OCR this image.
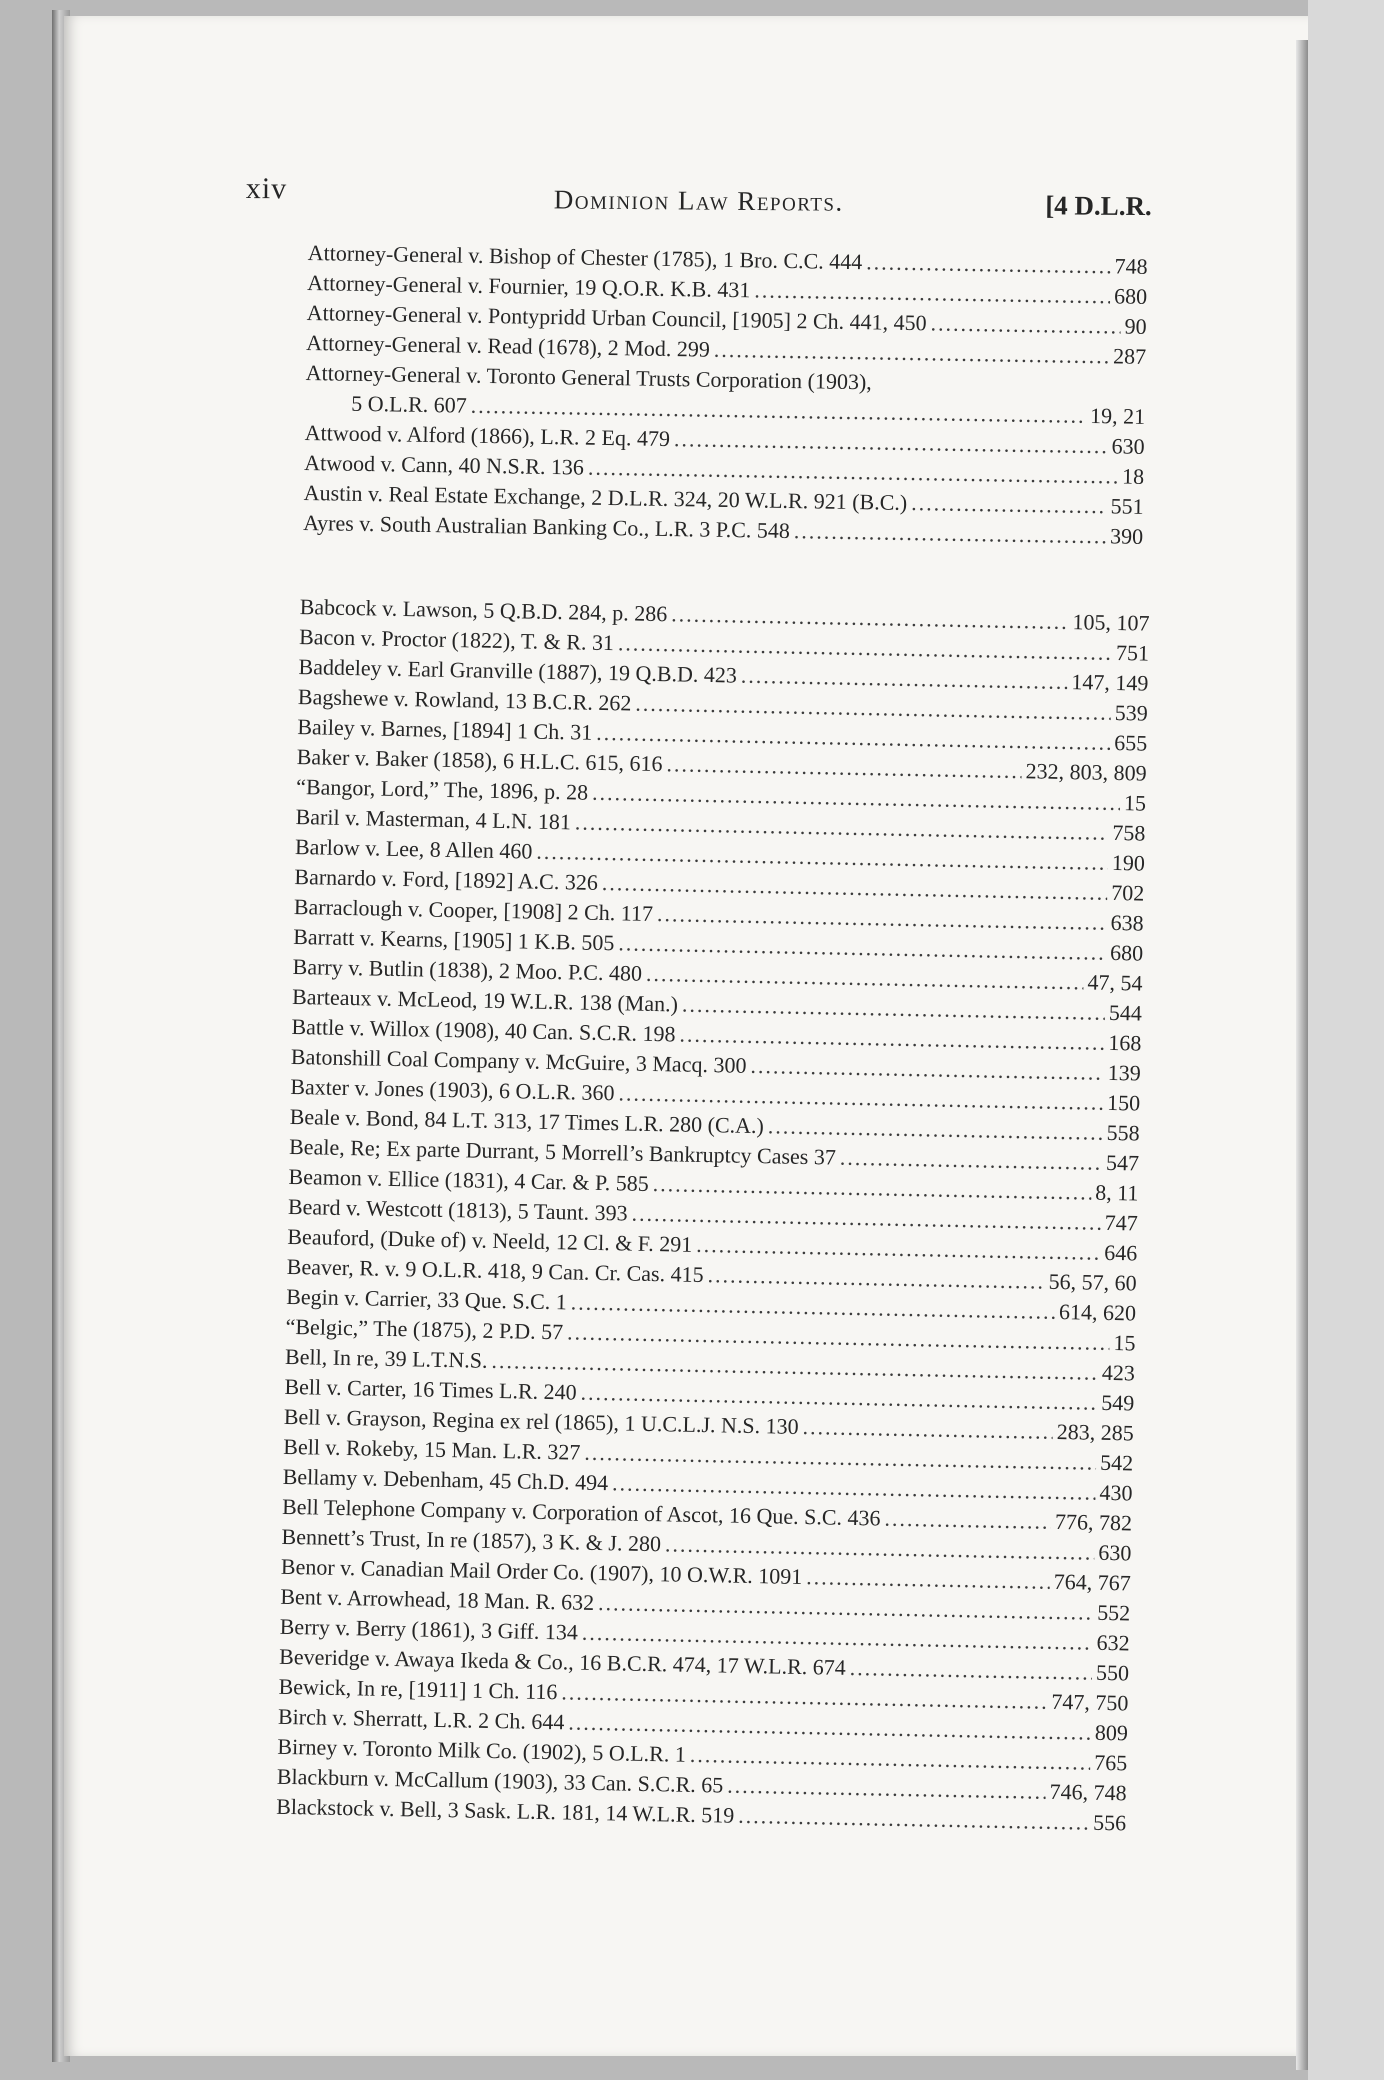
xiv	Dominion Law Reports.	[4 D.L.R.
Attorney-General v. Bishop of Chester (1785), 1 Bro. C.C. 444 .....	748
Attorney-General v. Fournier, 19 Q.O.R. K.B. 431 .....	680
Attorney-General v. Pontypridd Urban Council, [1905] 2 Ch. 441, 450 .....	90
Attorney-General v. Read (1678), 2 Mod. 299 .....	287
Attorney-General v. Toronto General Trusts Corporation (1903),
5 O.L.R. 607 .....	19, 21
Attwood v. Alford (1866), L.R. 2 Eq. 479 .....	630
Atwood v. Cann, 40 N.S.R. 136 .....	18
Austin v. Real Estate Exchange, 2 D.L.R. 324, 20 W.L.R. 921 (B.C.) .....	551
Ayres v. South Australian Banking Co., L.R. 3 P.C. 548 .....	390
Babcock v. Lawson, 5 Q.B.D. 284, p. 286 .....	105, 107
Bacon v. Proctor (1822), T. & R. 31 .....	751
Baddeley v. Earl Granville (1887), 19 Q.B.D. 423 .....	147, 149
Bagshewe v. Rowland, 13 B.C.R. 262 .....	539
Bailey v. Barnes, [1894] 1 Ch. 31 .....	655
Baker v. Baker (1858), 6 H.L.C. 615, 616 .....	232, 803, 809
“Bangor, Lord,” The, 1896, p. 28 .....	15
Baril v. Masterman, 4 L.N. 181 .....	758
Barlow v. Lee, 8 Allen 460 .....	190
Barnardo v. Ford, [1892] A.C. 326 .....	702
Barraclough v. Cooper, [1908] 2 Ch. 117 .....	638
Barratt v. Kearns, [1905] 1 K.B. 505 .....	680
Barry v. Butlin (1838), 2 Moo. P.C. 480 .....	47, 54
Barteaux v. McLeod, 19 W.L.R. 138 (Man.) .....	544
Battle v. Willox (1908), 40 Can. S.C.R. 198 .....	168
Batonshill Coal Company v. McGuire, 3 Macq. 300 .....	139
Baxter v. Jones (1903), 6 O.L.R. 360 .....	150
Beale v. Bond, 84 L.T. 313, 17 Times L.R. 280 (C.A.) .....	558
Beale, Re; Ex parte Durrant, 5 Morrell’s Bankruptcy Cases 37 .....	547
Beamon v. Ellice (1831), 4 Car. & P. 585 .....	8, 11
Beard v. Westcott (1813), 5 Taunt. 393 .....	747
Beauford, (Duke of) v. Neeld, 12 Cl. & F. 291 .....	646
Beaver, R. v. 9 O.L.R. 418, 9 Can. Cr. Cas. 415 .....	56, 57, 60
Begin v. Carrier, 33 Que. S.C. 1 .....	614, 620
“Belgic,” The (1875), 2 P.D. 57 .....	15
Bell, In re, 39 L.T.N.S. .....	423
Bell v. Carter, 16 Times L.R. 240 .....	549
Bell v. Grayson, Regina ex rel (1865), 1 U.C.L.J. N.S. 130 .....	283, 285
Bell v. Rokeby, 15 Man. L.R. 327 .....	542
Bellamy v. Debenham, 45 Ch.D. 494 .....	430
Bell Telephone Company v. Corporation of Ascot, 16 Que. S.C. 436 .....	776, 782
Bennett’s Trust, In re (1857), 3 K. & J. 280 .....	630
Benor v. Canadian Mail Order Co. (1907), 10 O.W.R. 1091 .....	764, 767
Bent v. Arrowhead, 18 Man. R. 632 .....	552
Berry v. Berry (1861), 3 Giff. 134 .....	632
Beveridge v. Awaya Ikeda & Co., 16 B.C.R. 474, 17 W.L.R. 674 .....	550
Bewick, In re, [1911] 1 Ch. 116 .....	747, 750
Birch v. Sherratt, L.R. 2 Ch. 644 .....	809
Birney v. Toronto Milk Co. (1902), 5 O.L.R. 1 .....	765
Blackburn v. McCallum (1903), 33 Can. S.C.R. 65 .....	746, 748
Blackstock v. Bell, 3 Sask. L.R. 181, 14 W.L.R. 519 .....	556
